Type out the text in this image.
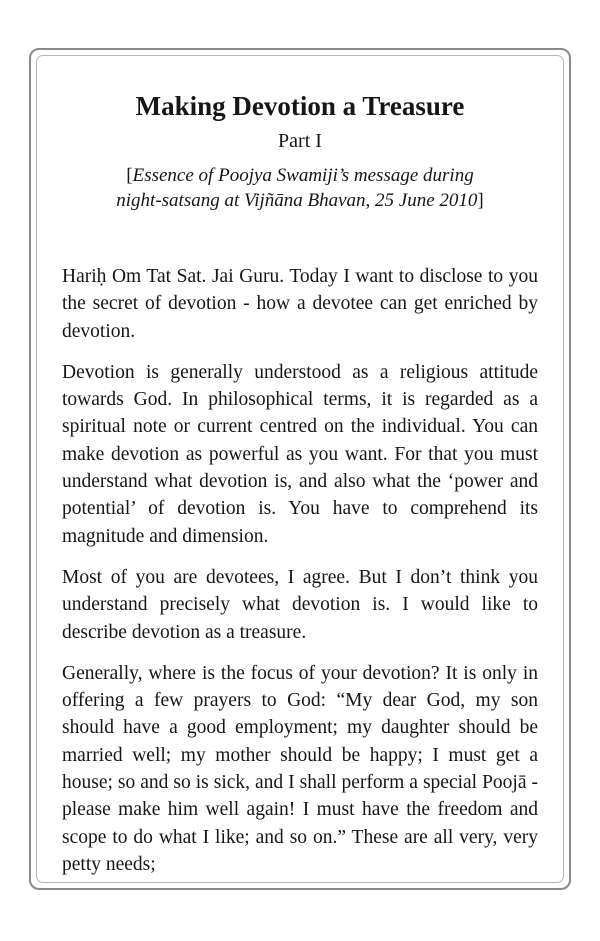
Making Devotion a Treasure
Part I
[Essence of Poojya Swamiji’s message during
night-satsang at Vijñāna Bhavan, 25 June 2010]

Hariḥ Om Tat Sat. Jai Guru. Today I want to disclose to you the secret of devotion - how a devotee can get enriched by devotion.

Devotion is generally understood as a religious attitude towards God. In philosophical terms, it is regarded as a spiritual note or current centred on the individual. You can make devotion as powerful as you want. For that you must understand what devotion is, and also what the ‘power and potential’ of devotion is. You have to comprehend its magnitude and dimension.

Most of you are devotees, I agree. But I don’t think you understand precisely what devotion is. I would like to describe devotion as a treasure.

Generally, where is the focus of your devotion? It is only in offering a few prayers to God: “My dear God, my son should have a good employment; my daughter should be married well; my mother should be happy; I must get a house; so and so is sick, and I shall perform a special Poojā - please make him well again! I must have the freedom and scope to do what I like; and so on.” These are all very, very petty needs;
